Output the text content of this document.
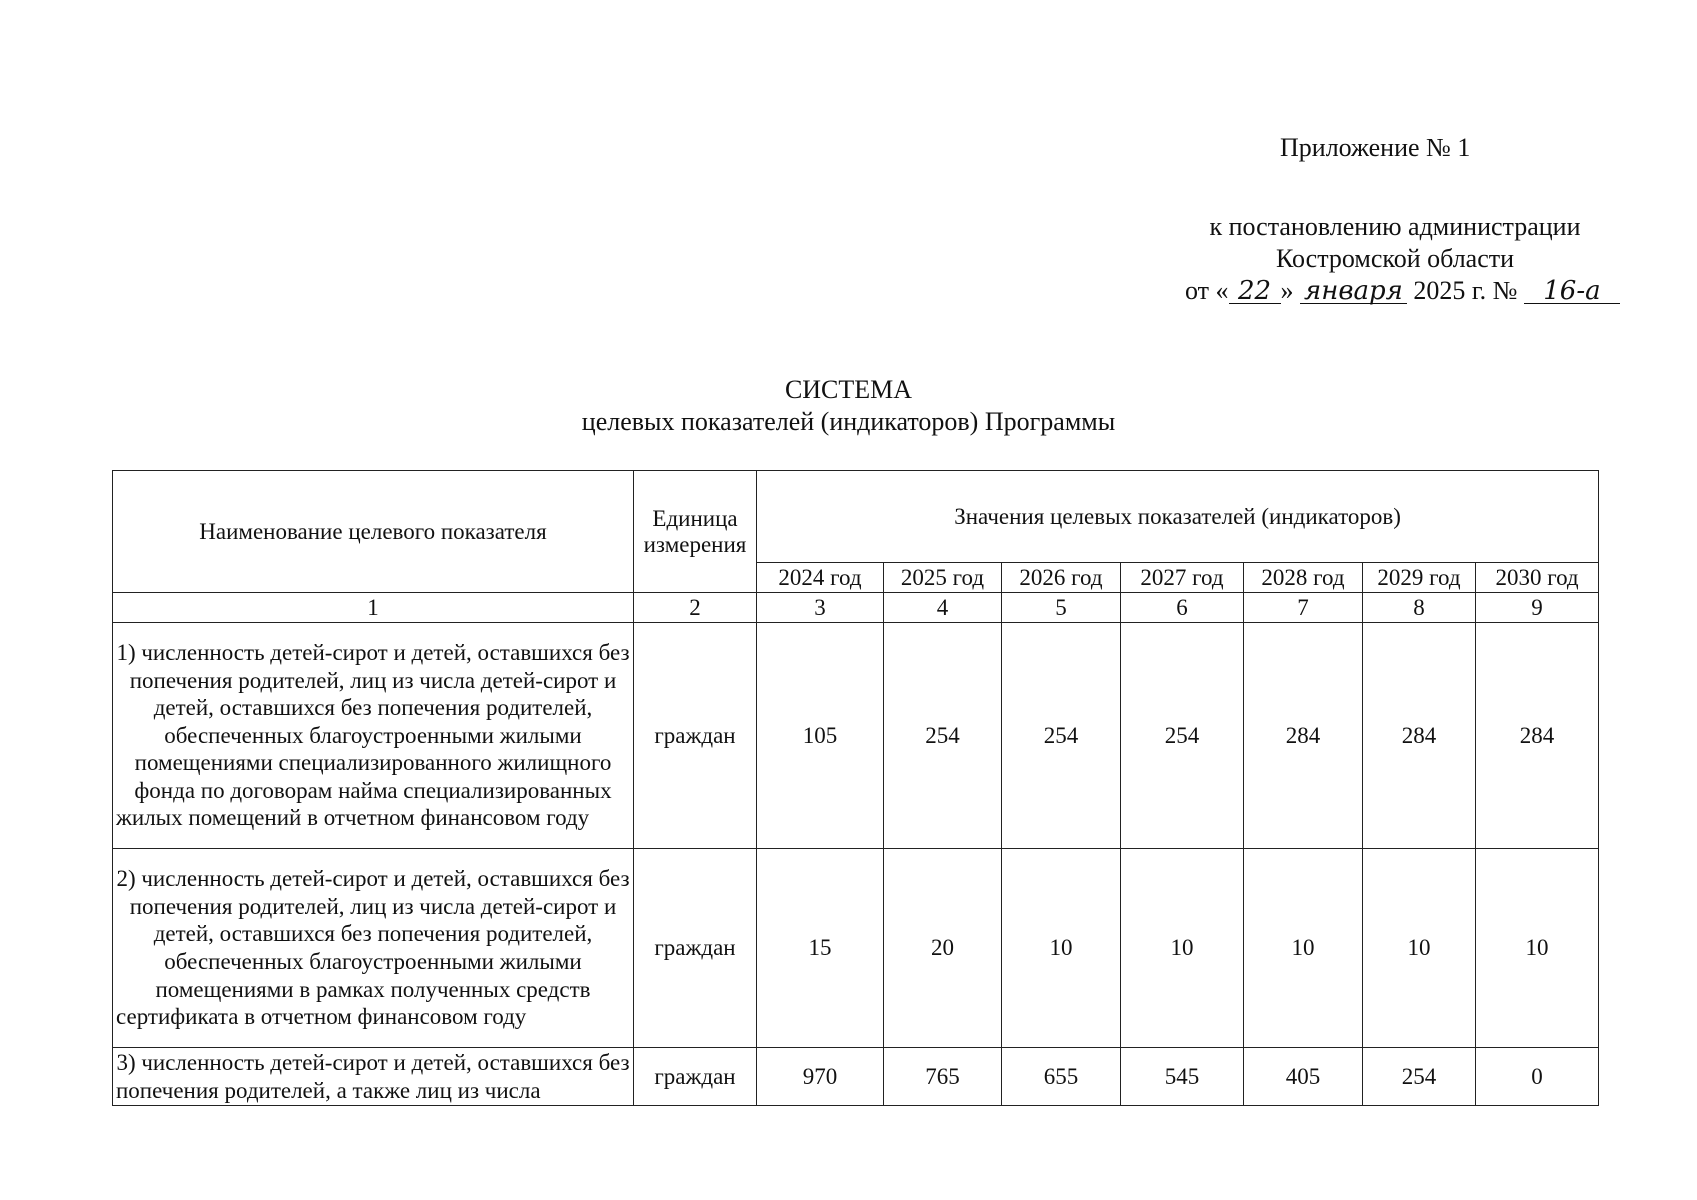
Приложение № 1
к постановлению администрации
Костромской области
от « 22 » января 2025 г. № 16-а
СИСТЕМА
целевых показателей (индикаторов) Программы
Наименование целевого показателя	Единица измерения	Значения целевых показателей (индикаторов)						
		2024 год	2025 год	2026 год	2027 год	2028 год	2029 год	2030 год
1	2	3	4	5	6	7	8	9
1) численность детей-сирот и детей, оставшихся без попечения родителей, лиц из числа детей-сирот и детей, оставшихся без попечения родителей, обеспеченных благоустроенными жилыми помещениями специализированного жилищного фонда по договорам найма специализированных жилых помещений в отчетном финансовом году	граждан	105	254	254	254	284	284	284
2) численность детей-сирот и детей, оставшихся без попечения родителей, лиц из числа детей-сирот и детей, оставшихся без попечения родителей, обеспеченных благоустроенными жилыми помещениями в рамках полученных средств сертификата в отчетном финансовом году	граждан	15	20	10	10	10	10	10
3) численность детей-сирот и детей, оставшихся без попечения родителей, а также лиц из числа	граждан	970	765	655	545	405	254	0
